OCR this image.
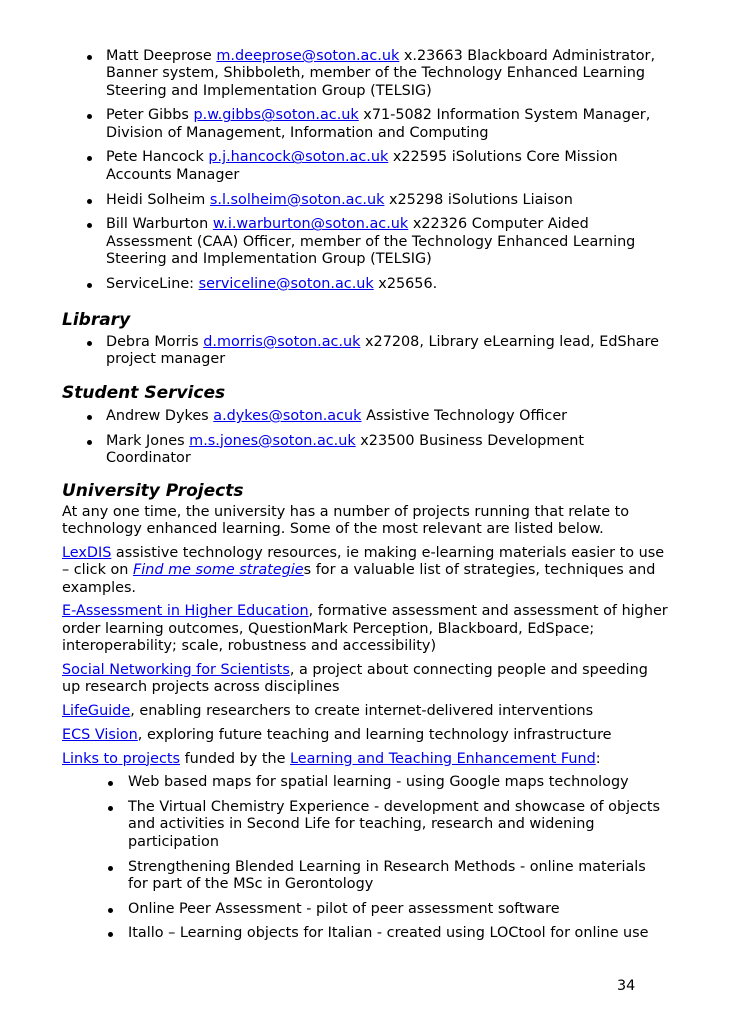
Matt Deeprose m.deeprose@soton.ac.uk x.23663 Blackboard Administrator, Banner system, Shibboleth, member of the Technology Enhanced Learning Steering and Implementation Group (TELSIG)
Peter Gibbs p.w.gibbs@soton.ac.uk x71-5082 Information System Manager, Division of Management, Information and Computing
Pete Hancock p.j.hancock@soton.ac.uk x22595 iSolutions Core Mission Accounts Manager
Heidi Solheim s.l.solheim@soton.ac.uk x25298 iSolutions Liaison
Bill Warburton w.i.warburton@soton.ac.uk x22326 Computer Aided Assessment (CAA) Officer, member of the Technology Enhanced Learning Steering and Implementation Group (TELSIG)
ServiceLine: serviceline@soton.ac.uk x25656.
Library
Debra Morris d.morris@soton.ac.uk x27208, Library eLearning lead, EdShare project manager
Student Services
Andrew Dykes a.dykes@soton.acuk Assistive Technology Officer
Mark Jones m.s.jones@soton.ac.uk x23500 Business Development Coordinator
University Projects

At any one time, the university has a number of projects running that relate to technology enhanced learning. Some of the most relevant are listed below.

LexDIS assistive technology resources, ie making e-learning materials easier to use – click on Find me some strategies for a valuable list of strategies, techniques and examples.

E-Assessment in Higher Education, formative assessment and assessment of higher order learning outcomes, QuestionMark Perception, Blackboard, EdSpace; interoperability; scale, robustness and accessibility)

Social Networking for Scientists, a project about connecting people and speeding up research projects across disciplines

LifeGuide, enabling researchers to create internet-delivered interventions

ECS Vision, exploring future teaching and learning technology infrastructure

Links to projects funded by the Learning and Teaching Enhancement Fund:

Web based maps for spatial learning - using Google maps technology
The Virtual Chemistry Experience - development and showcase of objects and activities in Second Life for teaching, research and widening participation
Strengthening Blended Learning in Research Methods - online materials for part of the MSc in Gerontology
Online Peer Assessment - pilot of peer assessment software
Itallo – Learning objects for Italian - created using LOCtool for online use
34
